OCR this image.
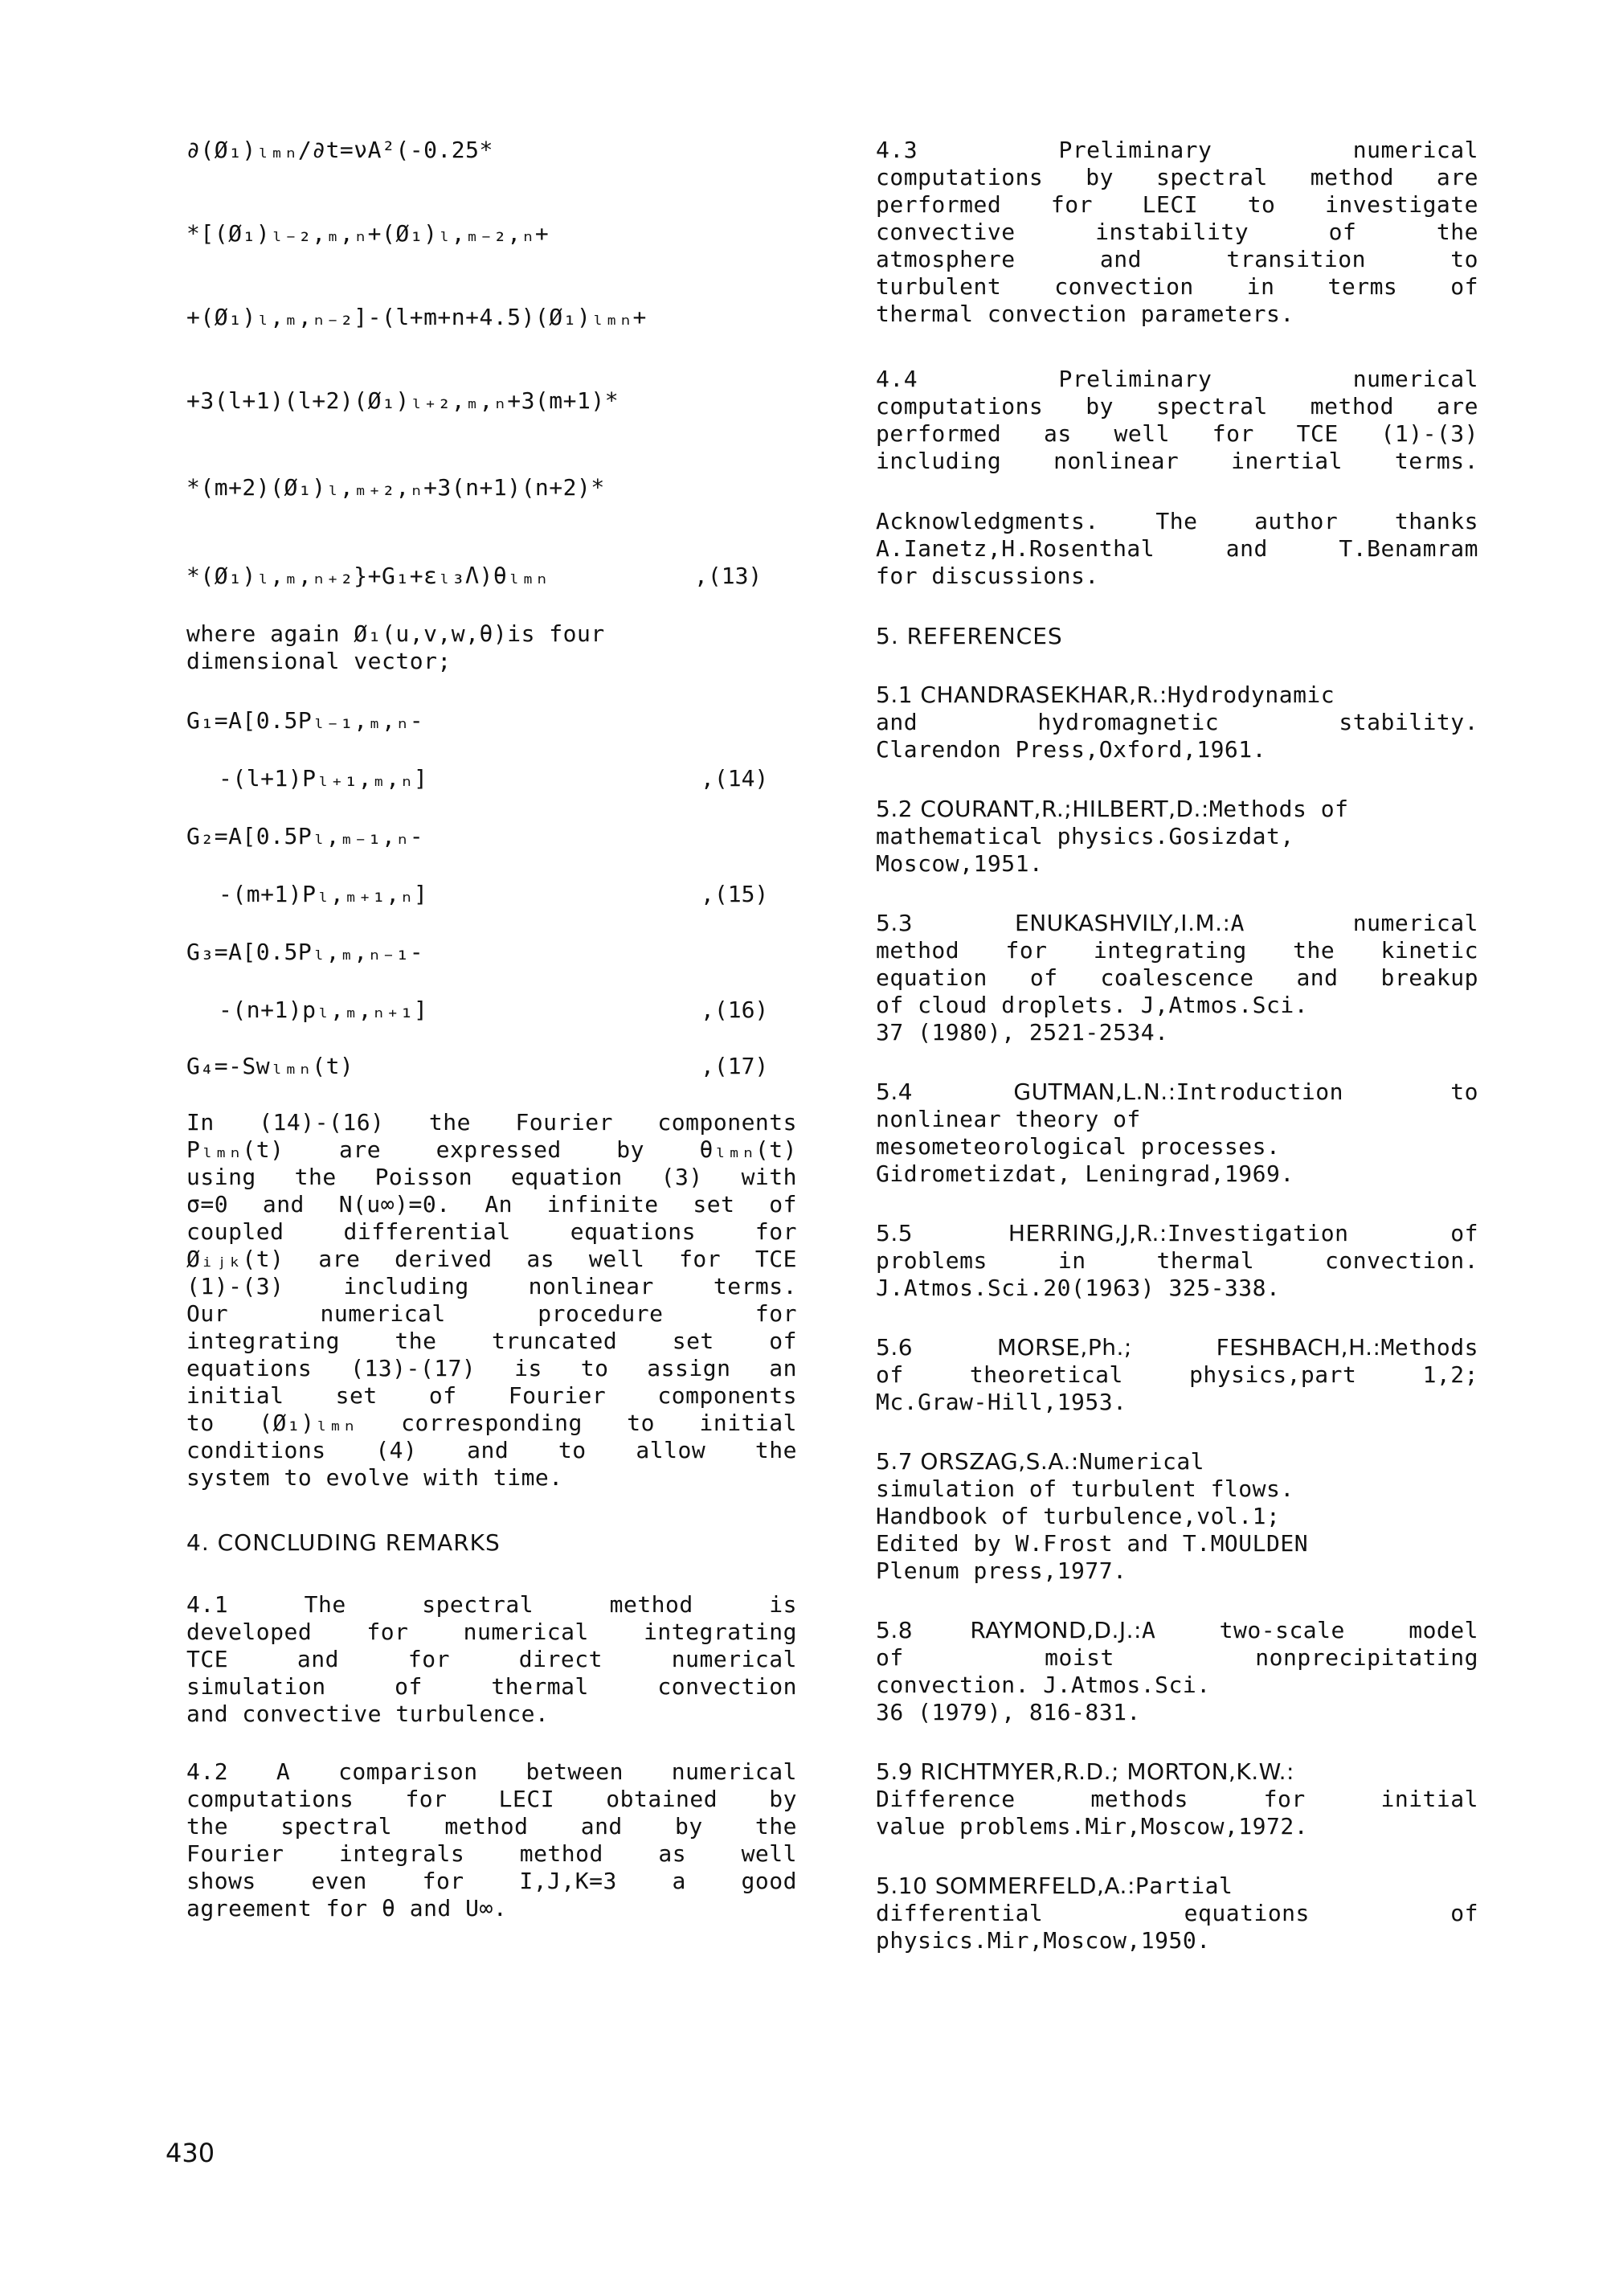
∂(Ø₁)ₗₘₙ/∂t=νA²(-0.25*
*[(Ø₁)ₗ₋₂,ₘ,ₙ+(Ø₁)ₗ,ₘ₋₂,ₙ+
+(Ø₁)ₗ,ₘ,ₙ₋₂]-(l+m+n+4.5)(Ø₁)ₗₘₙ+
+3(l+1)(l+2)(Ø₁)ₗ₊₂,ₘ,ₙ+3(m+1)*
*(m+2)(Ø₁)ₗ,ₘ₊₂,ₙ+3(n+1)(n+2)*
*(Ø₁)ₗ,ₘ,ₙ₊₂}+G₁+εₗ₃Λ)θₗₘₙ	,(13)
where again Ø₁(u,v,w,θ)is four
dimensional vector;
G₁=A[0.5Pₗ₋₁,ₘ,ₙ-
-(l+1)Pₗ₊₁,ₘ,ₙ]	,(14)
G₂=A[0.5Pₗ,ₘ₋₁,ₙ-
-(m+1)Pₗ,ₘ₊₁,ₙ]	,(15)
G₃=A[0.5Pₗ,ₘ,ₙ₋₁-
-(n+1)pₗ,ₘ,ₙ₊₁]	,(16)
G₄=-Swₗₘₙ(t)	,(17)
In (14)-(16) the Fourier components
Pₗₘₙ(t) are expressed by θₗₘₙ(t)
using the Poisson equation (3) with
σ=0 and N(u∞)=0. An infinite set of
coupled differential equations for
Øᵢⱼₖ(t) are derived as well for TCE
(1)-(3) including nonlinear terms.
Our numerical procedure for
integrating the truncated set of
equations (13)-(17) is to assign an
initial set of Fourier components
to (Ø₁)ₗₘₙ corresponding to initial
conditions (4) and to allow the
system to evolve with time.
4. CONCLUDING REMARKS
4.1 The spectral method is
developed for numerical integrating
TCE and for direct numerical
simulation of thermal convection
and convective turbulence.
4.2 A comparison between numerical
computations for LECI obtained by
the spectral method and by the
Fourier integrals method as well
shows even for I,J,K=3 a good
agreement for θ and U∞.
4.3 Preliminary numerical
computations by spectral method are
performed for LECI to investigate
convective instability of the
atmosphere and transition to
turbulent convection in terms of
thermal convection parameters.
4.4 Preliminary numerical
computations by spectral method are
performed as well for TCE (1)-(3)
including nonlinear inertial terms.
Acknowledgments. The author thanks
A.Ianetz,H.Rosenthal and T.Benamram
for discussions.
5. REFERENCES
5.1 CHANDRASEKHAR,R.:Hydrodynamic
and hydromagnetic stability.
Clarendon Press,Oxford,1961.
5.2 COURANT,R.;HILBERT,D.:Methods of
mathematical physics.Gosizdat,
Moscow,1951.
5.3 ENUKASHVILY,I.M.:A numerical
method for integrating the kinetic
equation of coalescence and breakup
of cloud droplets. J,Atmos.Sci.
37 (1980), 2521-2534.
5.4 GUTMAN,L.N.:Introduction to
nonlinear theory of
mesometeorological processes.
Gidrometizdat, Leningrad,1969.
5.5 HERRING,J,R.:Investigation of
problems in thermal convection.
J.Atmos.Sci.20(1963) 325-338.
5.6 MORSE,Ph.; FESHBACH,H.:Methods
of theoretical physics,part 1,2;
Mc.Graw-Hill,1953.
5.7 ORSZAG,S.A.:Numerical
simulation of turbulent flows.
Handbook of turbulence,vol.1;
Edited by W.Frost and T.MOULDEN
Plenum press,1977.
5.8 RAYMOND,D.J.:A two-scale model
of moist nonprecipitating
convection. J.Atmos.Sci.
36 (1979), 816-831.
5.9 RICHTMYER,R.D.; MORTON,K.W.:
Difference methods for initial
value problems.Mir,Moscow,1972.
5.10 SOMMERFELD,A.:Partial
differential equations of
physics.Mir,Moscow,1950.
430
